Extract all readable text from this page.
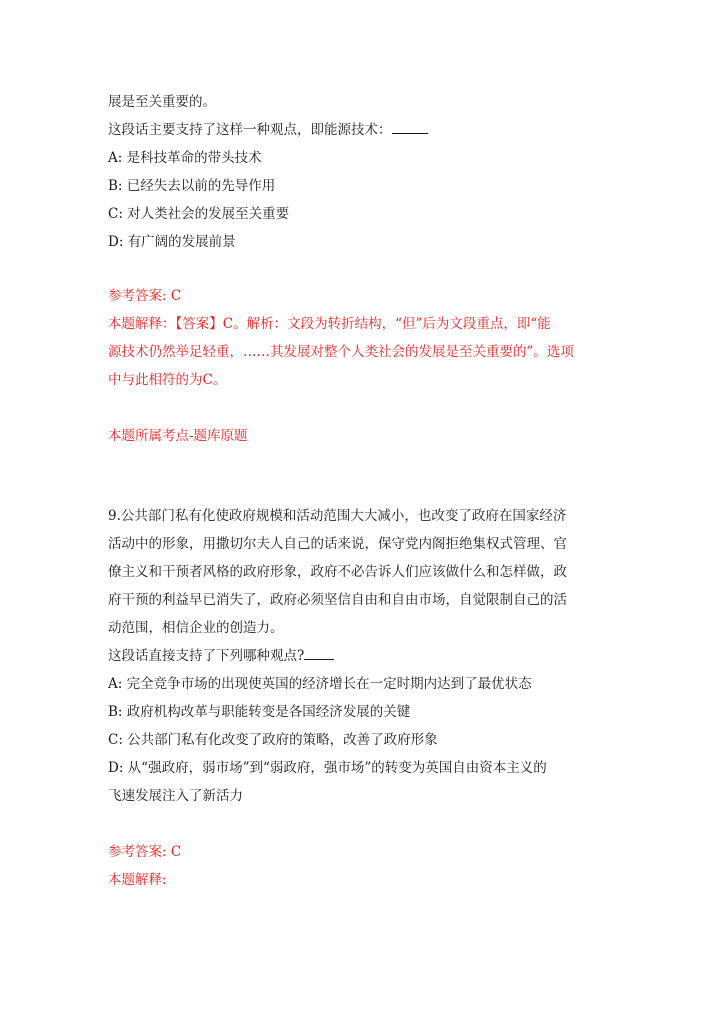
展是至关重要的。
这段话主要支持了这样一种观点，即能源技术：
A: 是科技革命的带头技术
B: 已经失去以前的先导作用
C: 对人类社会的发展至关重要
D: 有广阔的发展前景
参考答案: C
本题解释：【答案】C。解析：文段为转折结构，“但”后为文段重点，即“能
源技术仍然举足轻重，……其发展对整个人类社会的发展是至关重要的”。选项
中与此相符的为C。
本题所属考点-题库原题
9.公共部门私有化使政府规模和活动范围大大减小，也改变了政府在国家经济
活动中的形象，用撒切尔夫人自己的话来说，保守党内阁拒绝集权式管理、官
僚主义和干预者风格的政府形象，政府不必告诉人们应该做什么和怎样做，政
府干预的利益早已消失了，政府必须坚信自由和自由市场，自觉限制自己的活
动范围，相信企业的创造力。
这段话直接支持了下列哪种观点?
A: 完全竞争市场的出现使英国的经济增长在一定时期内达到了最优状态
B: 政府机构改革与职能转变是各国经济发展的关键
C: 公共部门私有化改变了政府的策略，改善了政府形象
D: 从“强政府，弱市场”到“弱政府，强市场”的转变为英国自由资本主义的
飞速发展注入了新活力
参考答案: C
本题解释:
